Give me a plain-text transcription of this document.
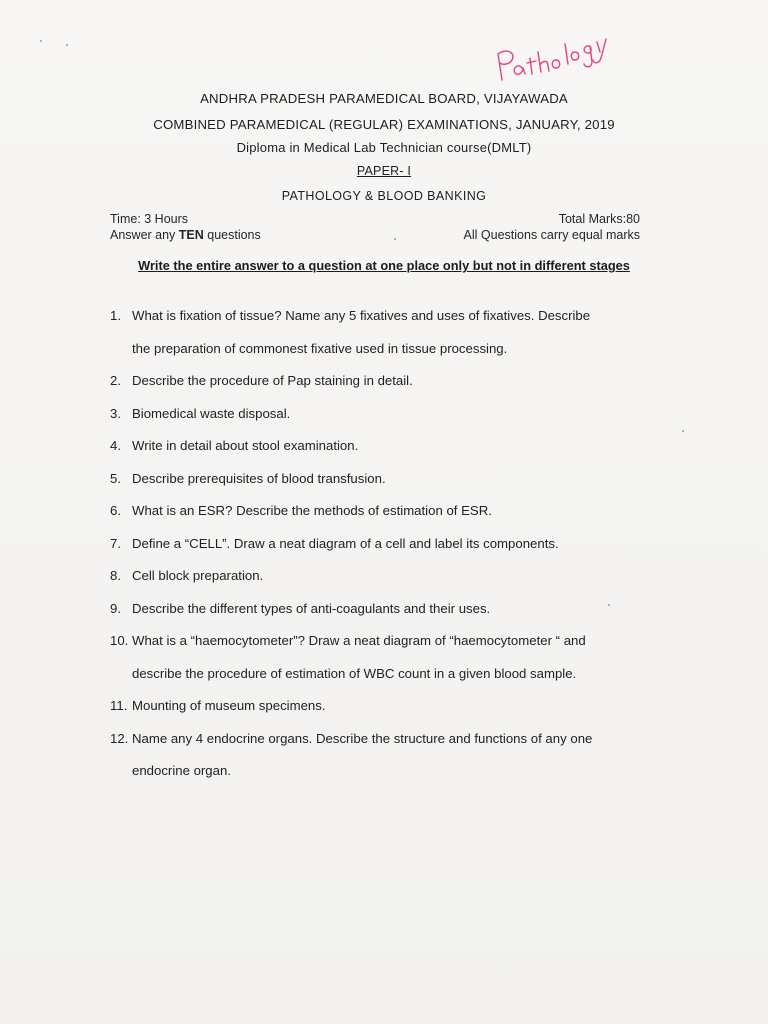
ANDHRA PRADESH PARAMEDICAL BOARD, VIJAYAWADA
COMBINED PARAMEDICAL (REGULAR) EXAMINATIONS, JANUARY, 2019
Diploma in Medical Lab Technician course(DMLT)
PAPER- I
PATHOLOGY & BLOOD BANKING
Time: 3 Hours
Answer any TEN questions
Total Marks:80
All Questions carry equal marks
Write the entire answer to a question at one place only but not in different stages
1. What is fixation of tissue? Name any 5 fixatives and uses of fixatives. Describe
the preparation of commonest fixative used in tissue processing.
2. Describe the procedure of Pap staining in detail.
3. Biomedical waste disposal.
4. Write in detail about stool examination.
5. Describe prerequisites of blood transfusion.
6. What is an ESR? Describe the methods of estimation of ESR.
7. Define a “CELL”. Draw a neat diagram of a cell and label its components.
8. Cell block preparation.
9. Describe the different types of anti-coagulants and their uses.
10. What is a “haemocytometer”? Draw a neat diagram of “haemocytometer “ and
describe the procedure of estimation of WBC count in a given blood sample.
11. Mounting of museum specimens.
12. Name any 4 endocrine organs. Describe the structure and functions of any one
endocrine organ.
